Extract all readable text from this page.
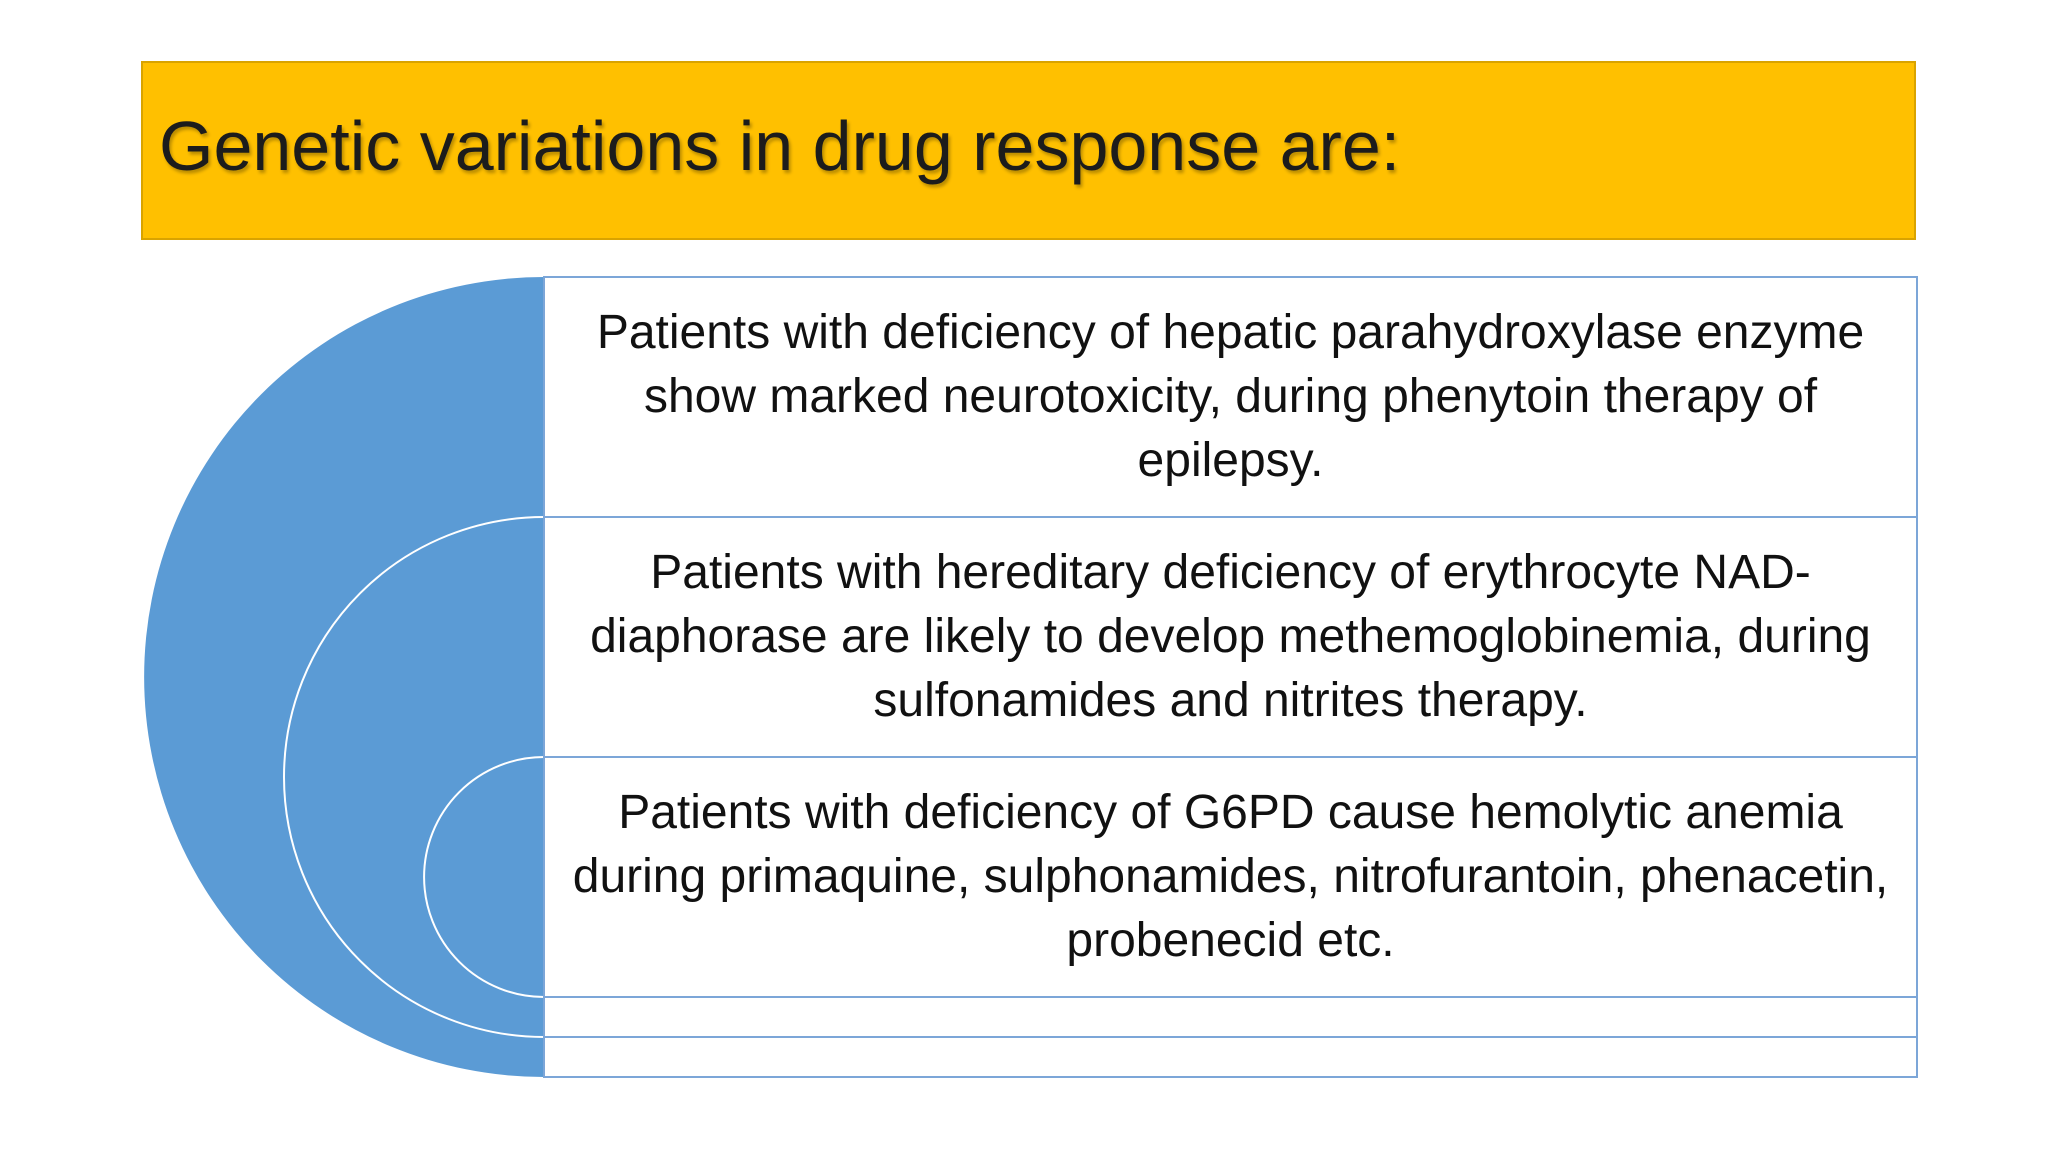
Genetic variations in drug response are:
Patients with deficiency of hepatic parahydroxylase enzyme show marked neurotoxicity, during phenytoin therapy of epilepsy.
Patients with hereditary deficiency of erythrocyte NAD-diaphorase are likely to develop methemoglobinemia, during sulfonamides and nitrites therapy.
Patients with deficiency of G6PD cause hemolytic anemia during primaquine, sulphonamides, nitrofurantoin, phenacetin, probenecid etc.
